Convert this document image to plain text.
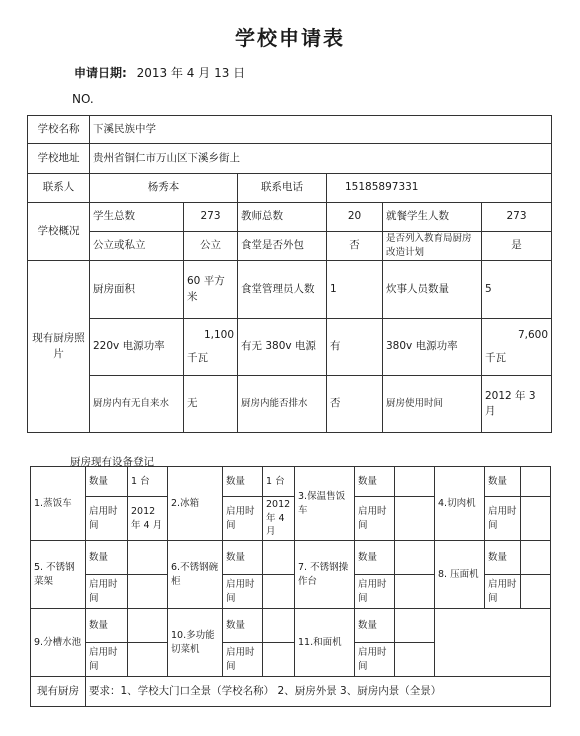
学校申请表
申请日期: 2013 年 4 月 13 日
NO.
学校名称	下溪民族中学					
学校地址	贵州省铜仁市万山区下溪乡街上					
联系人	杨秀本		联系电话	15185897331		
学校概况	学生总数	273	教师总数	20	就餐学生人数	273
	公立或私立	公立	食堂是否外包	否	是否列入教育局厨房改造计划	是
现有厨房照片	厨房面积	60 平方米	食堂管理员人数	1	炊事人员数量	5
	220v 电源功率	1,100
千瓦	有无 380v 电源	有	380v 电源功率	7,600
千瓦

	厨房内有无自来水	无	厨房内能否排水	否	厨房使用时间	2012 年 3 月
厨房现有设备登记
1.蒸饭车	数量	1 台	2.冰箱	数量	1 台	3.保温售饭车	数量		4.切肉机	数量	
	启用时间	2012 年 4 月		启用时间	2012 年 4 月		启用时间			启用时间	
5. 不锈钢菜架	数量		6.不锈钢碗柜	数量		7. 不锈钢操作台	数量		8. 压面机	数量	
	启用时间			启用时间			启用时间			启用时间	
9.分槽水池	数量		10.多功能切菜机	数量		11.和面机	数量				
	启用时间			启用时间			启用时间				
现有厨房	要求：1、学校大门口全景（学校名称） 2、厨房外景 3、厨房内景（全景）										
